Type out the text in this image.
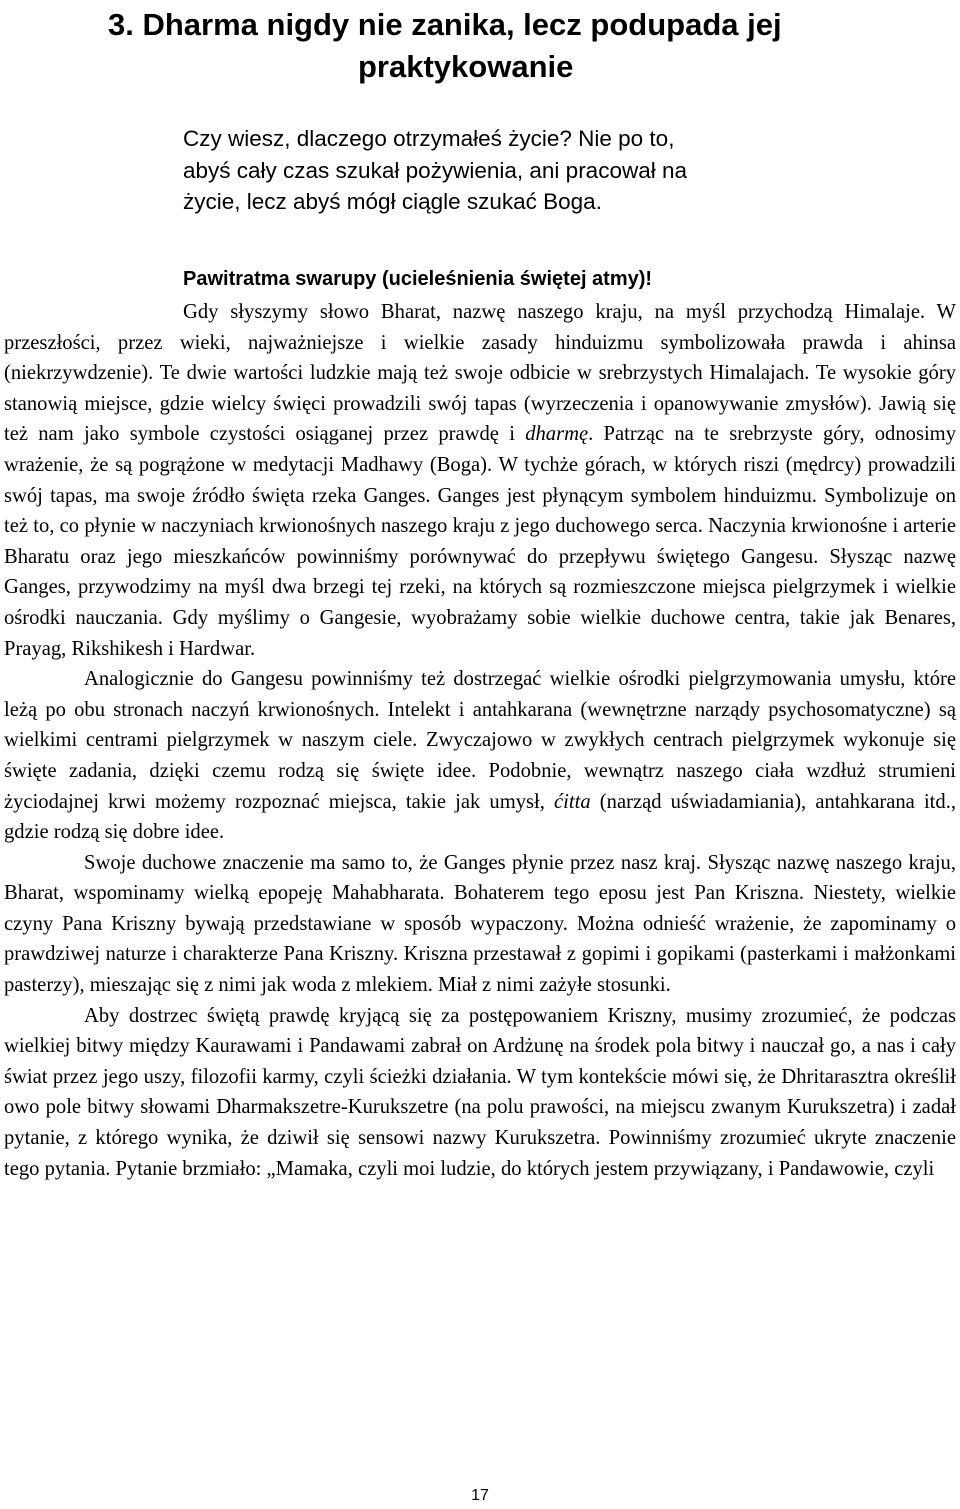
3. Dharma nigdy nie zanika, lecz podupada jej
praktykowanie
Czy wiesz, dlaczego otrzymałeś życie? Nie po to,
abyś cały czas szukał pożywienia, ani pracował na
życie, lecz abyś mógł ciągle szukać Boga.
Pawitratma swarupy (ucieleśnienia świętej atmy)!

Gdy słyszymy słowo Bharat, nazwę naszego kraju, na myśl przychodzą Himalaje. W przeszłości, przez wieki, najważniejsze i wielkie zasady hinduizmu symbolizowała prawda i ahinsa (niekrzywdzenie). Te dwie wartości ludzkie mają też swoje odbicie w srebrzystych Himalajach. Te wysokie góry stanowią miejsce, gdzie wielcy święci prowadzili swój tapas (wyrzeczenia i opanowywanie zmysłów). Jawią się też nam jako symbole czystości osiąganej przez prawdę i dharmę. Patrząc na te srebrzyste góry, odnosimy wrażenie, że są pogrążone w medytacji Madhawy (Boga). W tychże górach, w których riszi (mędrcy) prowadzili swój tapas, ma swoje źródło święta rzeka Ganges. Ganges jest płynącym symbolem hinduizmu. Symbolizuje on też to, co płynie w naczyniach krwionośnych naszego kraju z jego duchowego serca. Naczynia krwionośne i arterie Bharatu oraz jego mieszkańców powinniśmy porównywać do przepływu świętego Gangesu. Słysząc nazwę Ganges, przywodzimy na myśl dwa brzegi tej rzeki, na których są rozmieszczone miejsca pielgrzymek i wielkie ośrodki nauczania. Gdy myślimy o Gangesie, wyobrażamy sobie wielkie duchowe centra, takie jak Benares, Prayag, Rikshikesh i Hardwar.

Analogicznie do Gangesu powinniśmy też dostrzegać wielkie ośrodki pielgrzymowania umysłu, które leżą po obu stronach naczyń krwionośnych. Intelekt i antahkarana (wewnętrzne narządy psychosomatyczne) są wielkimi centrami pielgrzymek w naszym ciele. Zwyczajowo w zwykłych centrach pielgrzymek wykonuje się święte zadania, dzięki czemu rodzą się święte idee. Podobnie, wewnątrz naszego ciała wzdłuż strumieni życiodajnej krwi możemy rozpoznać miejsca, takie jak umysł, ćitta (narząd uświadamiania), antahkarana itd., gdzie rodzą się dobre idee.

Swoje duchowe znaczenie ma samo to, że Ganges płynie przez nasz kraj. Słysząc nazwę naszego kraju, Bharat, wspominamy wielką epopeję Mahabharata. Bohaterem tego eposu jest Pan Kriszna. Niestety, wielkie czyny Pana Kriszny bywają przedstawiane w sposób wypaczony. Można odnieść wrażenie, że zapominamy o prawdziwej naturze i charakterze Pana Kriszny. Kriszna przestawał z gopimi i gopikami (pasterkami i małżonkami pasterzy), mieszając się z nimi jak woda z mlekiem. Miał z nimi zażyłe stosunki.

Aby dostrzec świętą prawdę kryjącą się za postępowaniem Kriszny, musimy zrozumieć, że podczas wielkiej bitwy między Kaurawami i Pandawami zabrał on Ardżunę na środek pola bitwy i nauczał go, a nas i cały świat przez jego uszy, filozofii karmy, czyli ścieżki działania. W tym kontekście mówi się, że Dhritarasztra określił owo pole bitwy słowami Dharmakszetre-Kurukszetre (na polu prawości, na miejscu zwanym Kurukszetra) i zadał pytanie, z którego wynika, że dziwił się sensowi nazwy Kurukszetra. Powinniśmy zrozumieć ukryte znaczenie tego pytania. Pytanie brzmiało: „Mamaka, czyli moi ludzie, do których jestem przywiązany, i Pandawowie, czyli

17
